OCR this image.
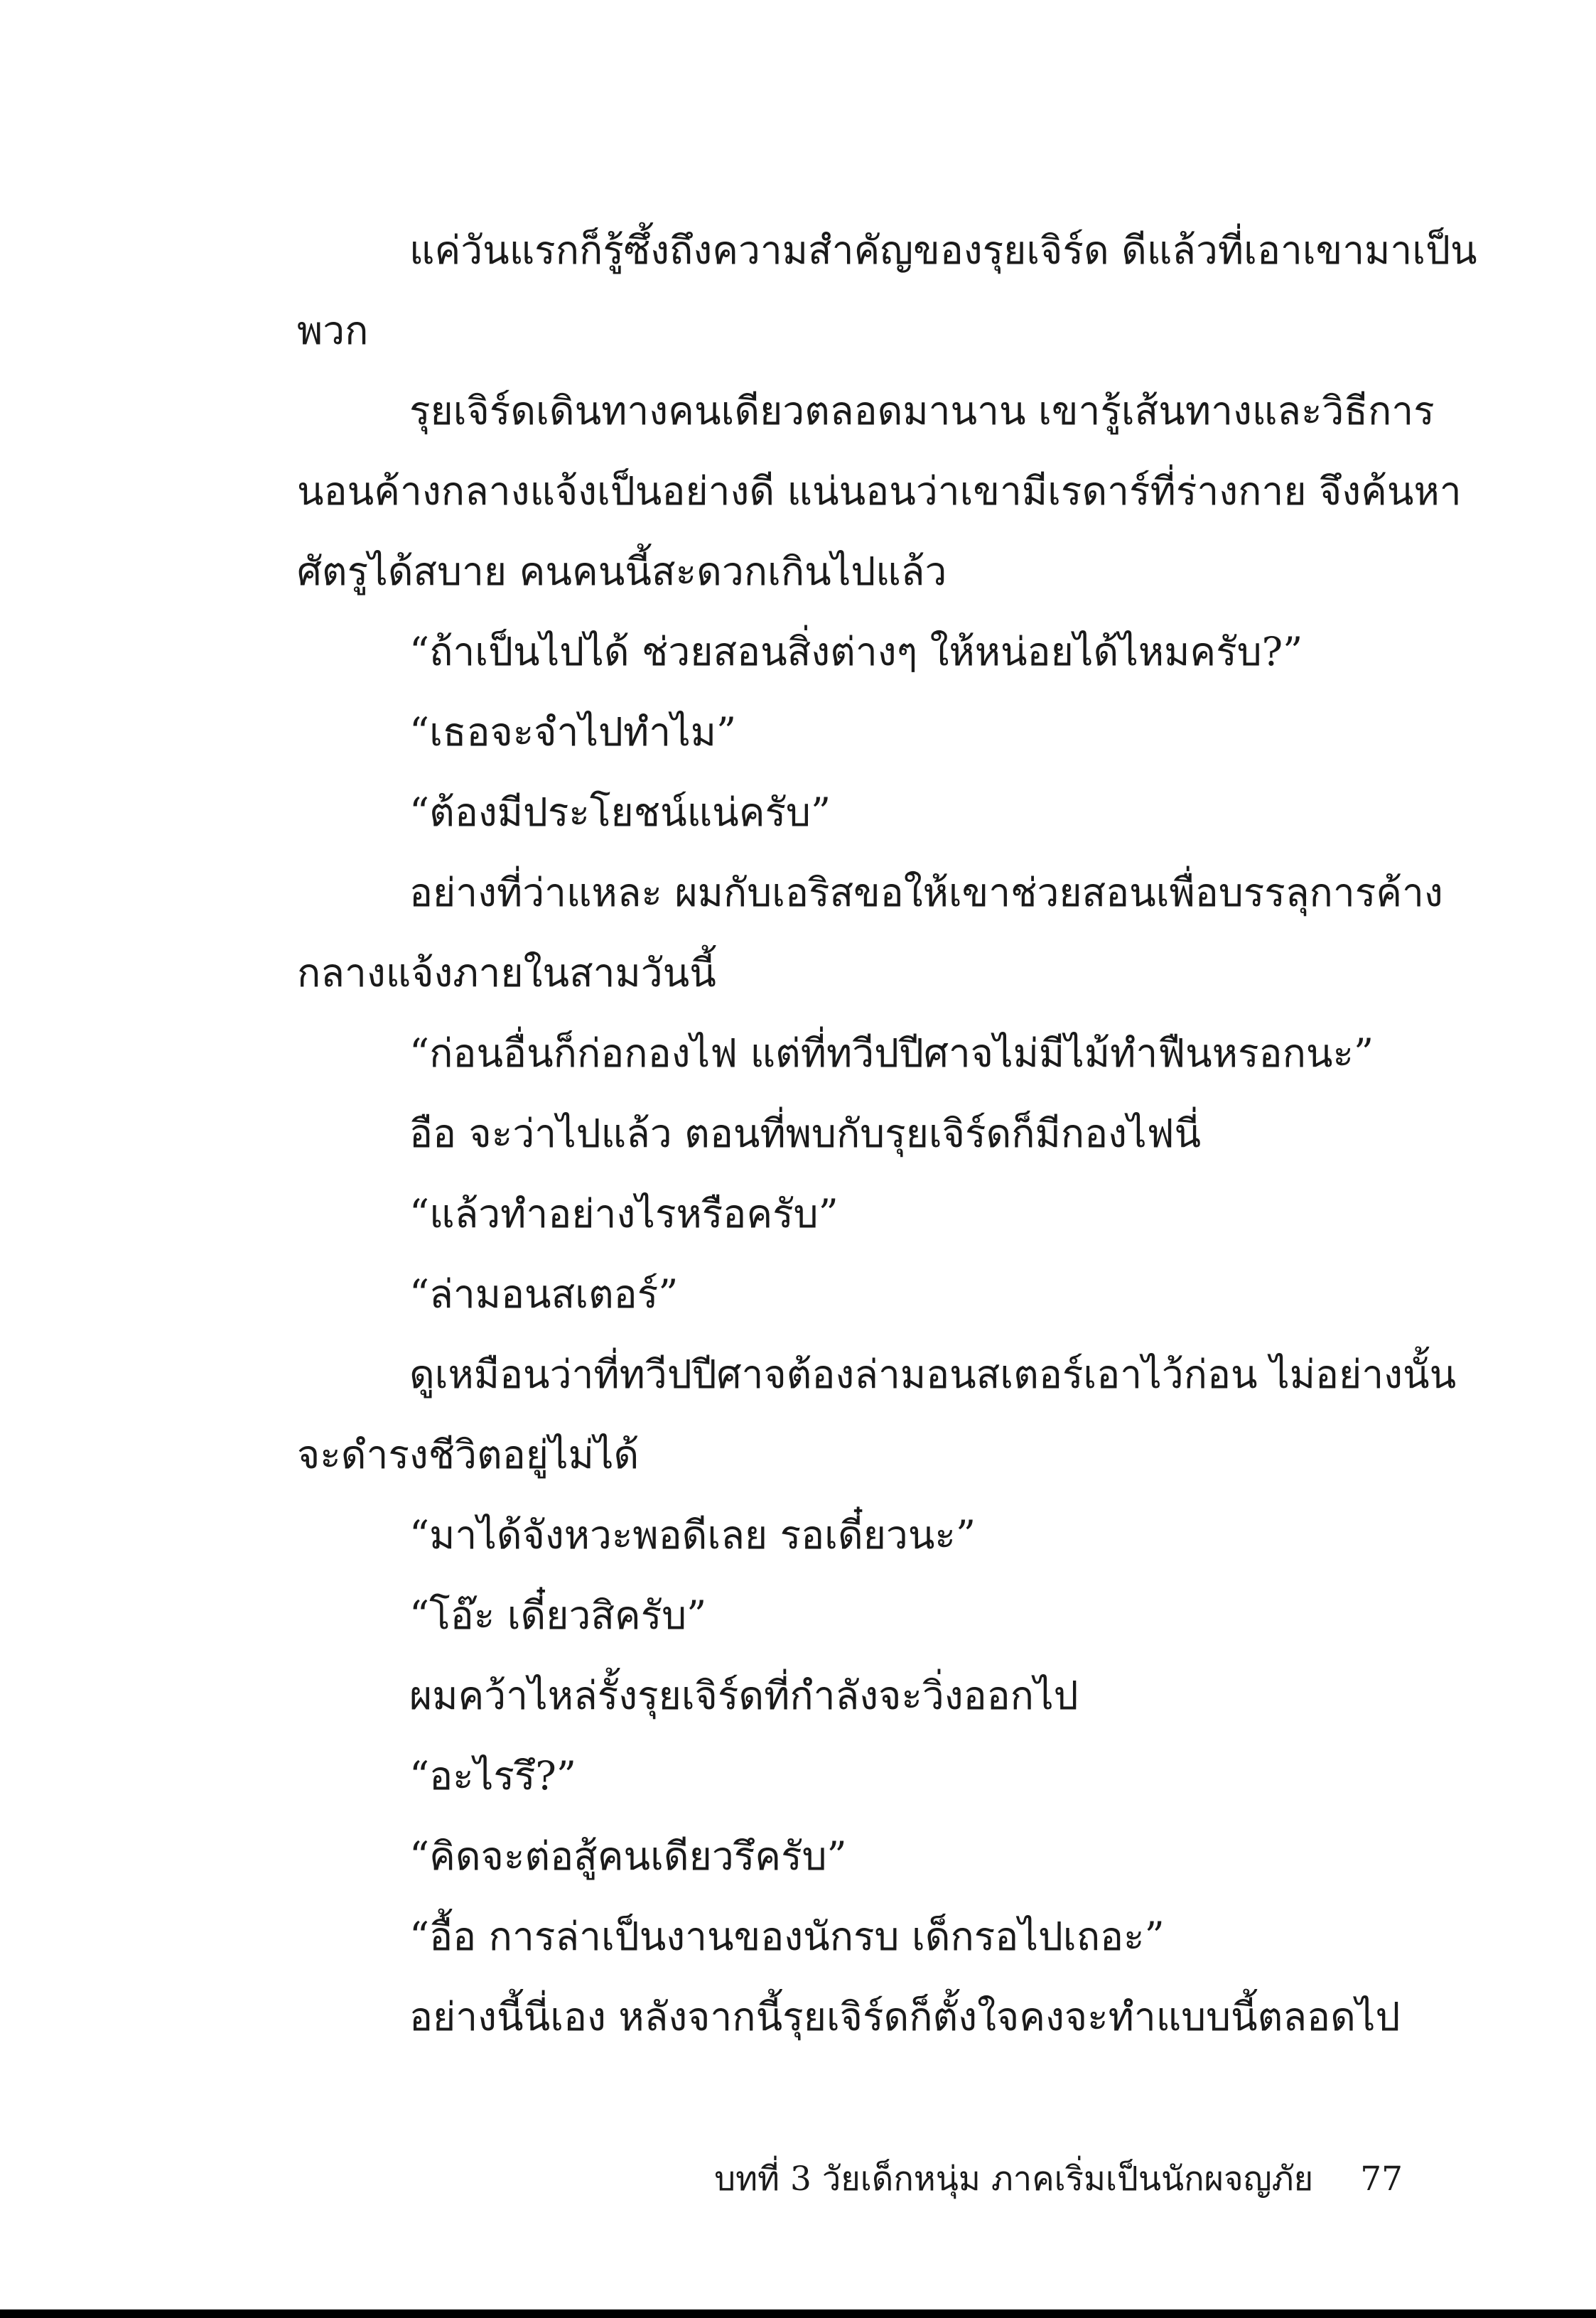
แค่วันแรกก็รู้ซึ้งถึงความสำคัญของรุยเจิร์ด ดีแล้วที่เอาเขามาเป็น
พวก
รุยเจิร์ดเดินทางคนเดียวตลอดมานาน เขารู้เส้นทางและวิธีการ
นอนค้างกลางแจ้งเป็นอย่างดี แน่นอนว่าเขามีเรดาร์ที่ร่างกาย จึงค้นหา
ศัตรูได้สบาย คนคนนี้สะดวกเกินไปแล้ว
“ถ้าเป็นไปได้ ช่วยสอนสิ่งต่างๆ ให้หน่อยได้ไหมครับ?”
“เธอจะจำไปทำไม”
“ต้องมีประโยชน์แน่ครับ”
อย่างที่ว่าแหละ ผมกับเอริสขอให้เขาช่วยสอนเพื่อบรรลุการค้าง
กลางแจ้งภายในสามวันนี้
“ก่อนอื่นก็ก่อกองไฟ แต่ที่ทวีปปีศาจไม่มีไม้ทำฟืนหรอกนะ”
อือ จะว่าไปแล้ว ตอนที่พบกับรุยเจิร์ดก็มีกองไฟนี่
“แล้วทำอย่างไรหรือครับ”
“ล่ามอนสเตอร์”
ดูเหมือนว่าที่ทวีปปีศาจต้องล่ามอนสเตอร์เอาไว้ก่อน ไม่อย่างนั้น
จะดำรงชีวิตอยู่ไม่ได้
“มาได้จังหวะพอดีเลย รอเดี๋ยวนะ”
“โอ๊ะ เดี๋ยวสิครับ”
ผมคว้าไหล่รั้งรุยเจิร์ดที่กำลังจะวิ่งออกไป
“อะไรรึ?”
“คิดจะต่อสู้คนเดียวรึครับ”
“อื้อ การล่าเป็นงานของนักรบ เด็กรอไปเถอะ”
อย่างนี้นี่เอง หลังจากนี้รุยเจิร์ดก็ตั้งใจคงจะทำแบบนี้ตลอดไป
บทที่ 3 วัยเด็กหนุ่ม ภาคเริ่มเป็นนักผจญภัย 77
